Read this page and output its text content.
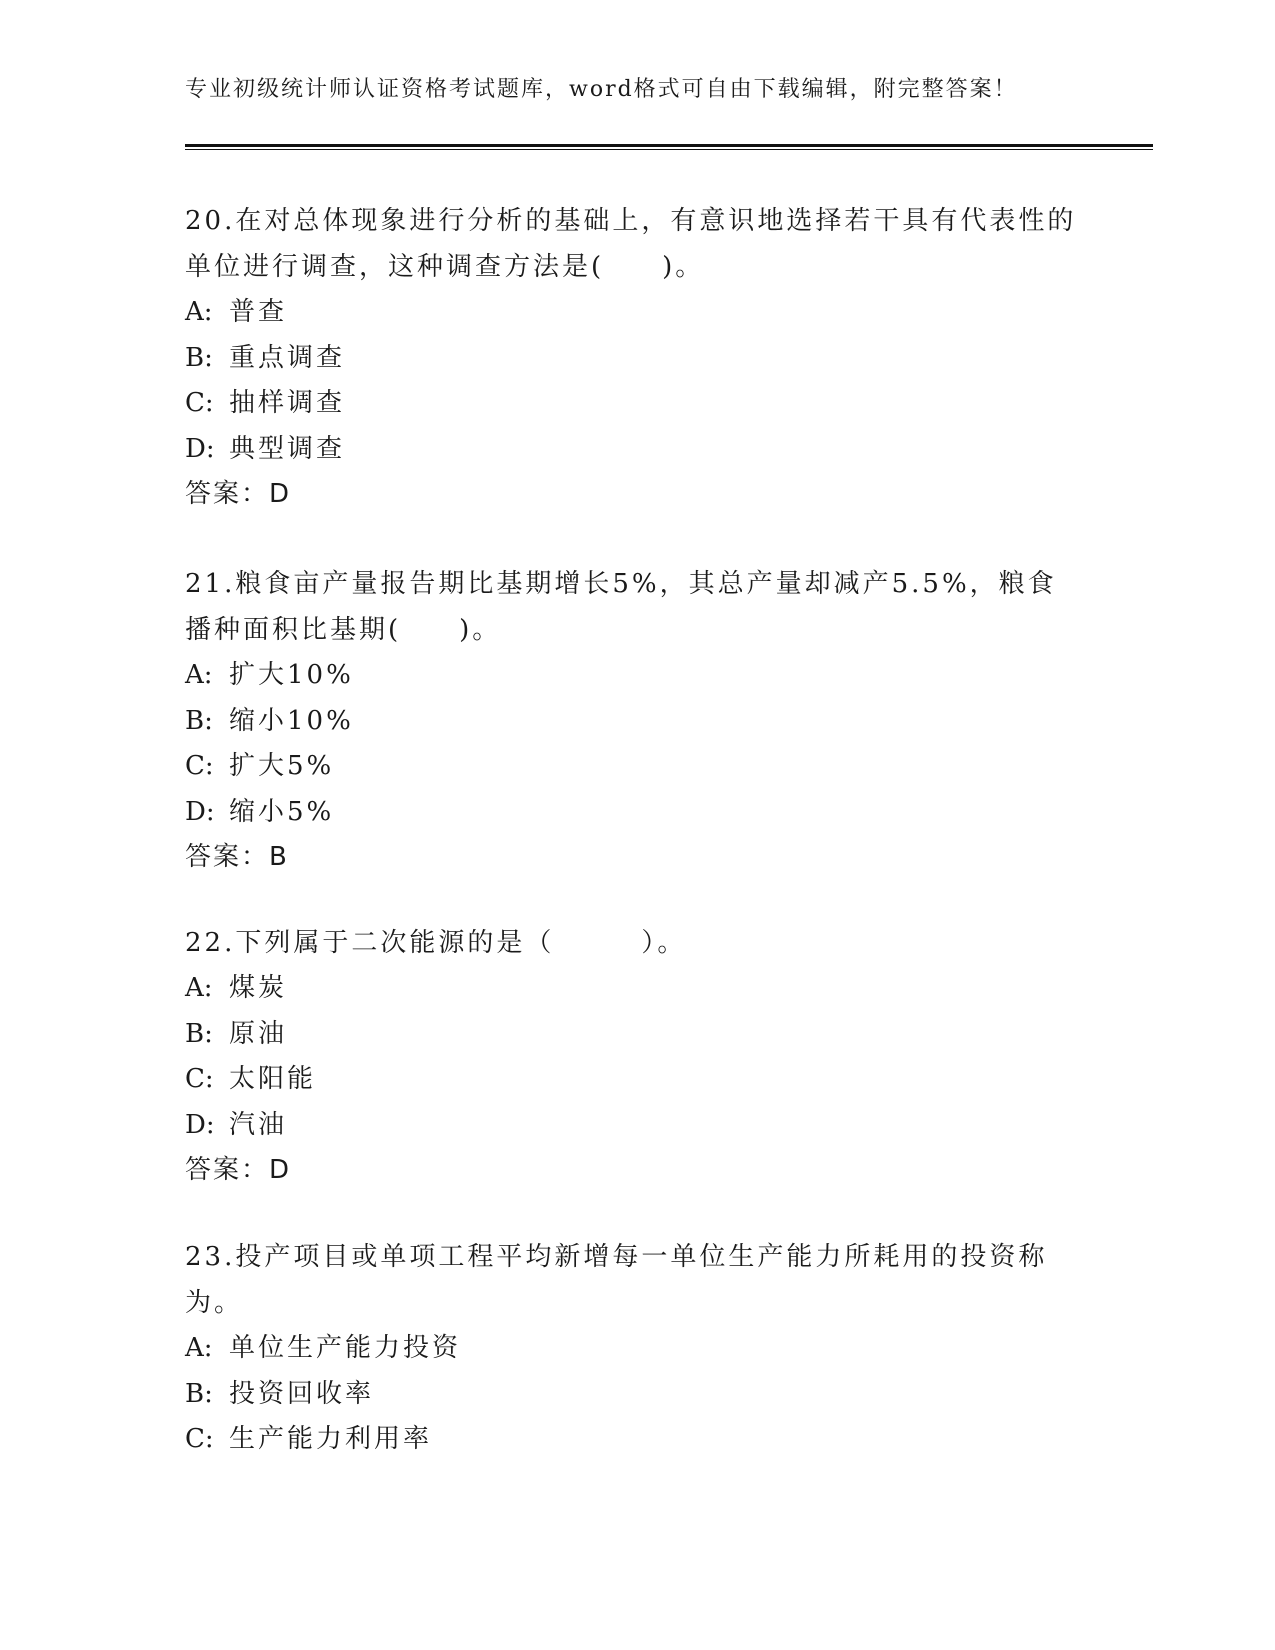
专业初级统计师认证资格考试题库，word格式可自由下载编辑，附完整答案！
20.在对总体现象进行分析的基础上，有意识地选择若干具有代表性的单位进行调查，这种调查方法是(　　)。
A: 普查
B: 重点调查
C: 抽样调查
D: 典型调查
答案：D
21.粮食亩产量报告期比基期增长5%，其总产量却减产5.5%，粮食播种面积比基期(　　)。
A: 扩大10%
B: 缩小10%
C: 扩大5%
D: 缩小5%
答案：B
22.下列属于二次能源的是（　　　）。
A: 煤炭
B: 原油
C: 太阳能
D: 汽油
答案：D
23.投产项目或单项工程平均新增每一单位生产能力所耗用的投资称为。
A: 单位生产能力投资
B: 投资回收率
C: 生产能力利用率
